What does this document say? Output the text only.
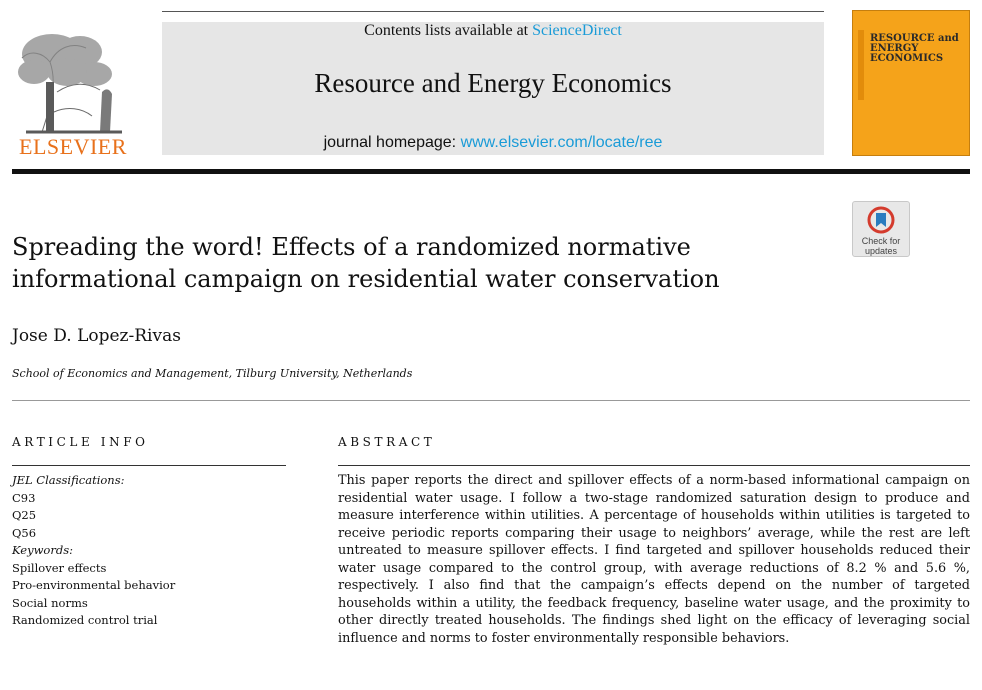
ELSEVIER
Contents lists available at ScienceDirect
Resource and Energy Economics
journal homepage: www.elsevier.com/locate/ree
RESOURCE and ENERGY ECONOMICS
Check for updates
Spreading the word! Effects of a randomized normative informational campaign on residential water conservation
Jose D. Lopez-Rivas
School of Economics and Management, Tilburg University, Netherlands
ARTICLE INFO
JEL Classifications:
C93
Q25
Q56
Keywords:
Spillover effects
Pro-environmental behavior
Social norms
Randomized control trial
ABSTRACT
This paper reports the direct and spillover effects of a norm-based informational campaign on residential water usage. I follow a two-stage randomized saturation design to produce and measure interference within utilities. A percentage of households within utilities is targeted to receive periodic reports comparing their usage to neighbors’ average, while the rest are left untreated to measure spillover effects. I find targeted and spillover households reduced their water usage compared to the control group, with average reductions of 8.2 % and 5.6 %, respectively. I also find that the campaign’s effects depend on the number of targeted households within a utility, the feedback frequency, baseline water usage, and the proximity to other directly treated households. The findings shed light on the efficacy of leveraging social influence and norms to foster environmentally responsible behaviors.
